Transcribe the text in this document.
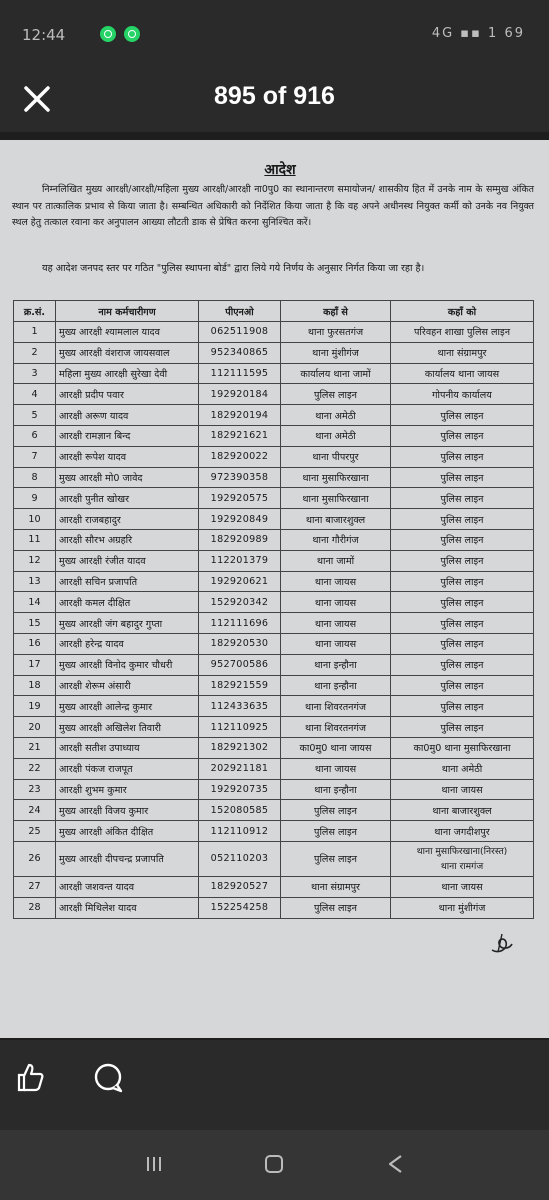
12:44	4G ▪▪ 1 69
895 of 916
आदेश
निम्नलिखित मुख्य आरक्षी/आरक्षी/महिला मुख्य आरक्षी/आरक्षी ना0पु0 का स्थानान्तरण समायोजन/ शासकीय हित में उनके नाम के सम्मुख अंकित स्थान पर तात्कालिक प्रभाव से किया जाता है। सम्बन्धित अधिकारी को निर्देशित किया जाता है कि वह अपने अधीनस्थ नियुक्त कर्मी को उनके नव नियुक्त स्थल हेतु तत्काल रवाना कर अनुपालन आख्या लौटती डाक से प्रेषित करना सुनिश्चित करें।
यह आदेश जनपद स्तर पर गठित "पुलिस स्थापना बोर्ड" द्वारा लिये गये निर्णय के अनुसार निर्गत किया जा रहा है।
क्र.सं.	नाम कर्मचारीगण	पीएनओ	कहाँ से	कहाँ को
1	मुख्य आरक्षी श्यामलाल यादव	062511908	थाना फुरसतगंज	परिवहन शाखा पुलिस लाइन
2	मुख्य आरक्षी वंशराज जायसवाल	952340865	थाना मुंशीगंज	थाना संग्रामपुर
3	महिला मुख्य आरक्षी सुरेखा देवी	112111595	कार्यालय थाना जामों	कार्यालय थाना जायस
4	आरक्षी प्रदीप पवार	192920184	पुलिस लाइन	गोपनीय कार्यालय
5	आरक्षी अरूण यादव	182920194	थाना अमेठी	पुलिस लाइन
6	आरक्षी रामज्ञान बिन्द	182921621	थाना अमेठी	पुलिस लाइन
7	आरक्षी रूपेश यादव	182920022	थाना पीपरपुर	पुलिस लाइन
8	मुख्य आरक्षी मो0 जावेद	972390358	थाना मुसाफिरखाना	पुलिस लाइन
9	आरक्षी पुनीत खोखर	192920575	थाना मुसाफिरखाना	पुलिस लाइन
10	आरक्षी राजबहादुर	192920849	थाना बाजारशुक्ल	पुलिस लाइन
11	आरक्षी सौरभ अग्रहरि	182920989	थाना गौरीगंज	पुलिस लाइन
12	मुख्य आरक्षी रंजीत यादव	112201379	थाना जामों	पुलिस लाइन
13	आरक्षी सचिन प्रजापति	192920621	थाना जायस	पुलिस लाइन
14	आरक्षी कमल दीक्षित	152920342	थाना जायस	पुलिस लाइन
15	मुख्य आरक्षी जंग बहादुर गुप्ता	112111696	थाना जायस	पुलिस लाइन
16	आरक्षी हरेन्द्र यादव	182920530	थाना जायस	पुलिस लाइन
17	मुख्य आरक्षी विनोद कुमार चौधरी	952700586	थाना इन्हौना	पुलिस लाइन
18	आरक्षी शेरूम अंसारी	182921559	थाना इन्हौना	पुलिस लाइन
19	मुख्य आरक्षी आलेन्द्र कुमार	112433635	थाना शिवरतनगंज	पुलिस लाइन
20	मुख्य आरक्षी अखिलेश तिवारी	112110925	थाना शिवरतनगंज	पुलिस लाइन
21	आरक्षी सतीश उपाध्याय	182921302	का0मु0 थाना जायस	का0मु0 थाना मुसाफिरखाना
22	आरक्षी पंकज राजपूत	202921181	थाना जायस	थाना अमेठी
23	आरक्षी शुभम कुमार	192920735	थाना इन्हौना	थाना जायस
24	मुख्य आरक्षी विजय कुमार	152080585	पुलिस लाइन	थाना बाजारशुक्ल
25	मुख्य आरक्षी अंकित दीक्षित	112110912	पुलिस लाइन	थाना जगदीशपुर
26	मुख्य आरक्षी दीपचन्द्र प्रजापति	052110203	पुलिस लाइन	थाना मुसाफिरखाना(निरस्त)
थाना रामगंज

27	आरक्षी जशवन्त यादव	182920527	थाना संग्रामपुर	थाना जायस
28	आरक्षी मिथिलेश यादव	152254258	पुलिस लाइन	थाना मुंशीगंज
